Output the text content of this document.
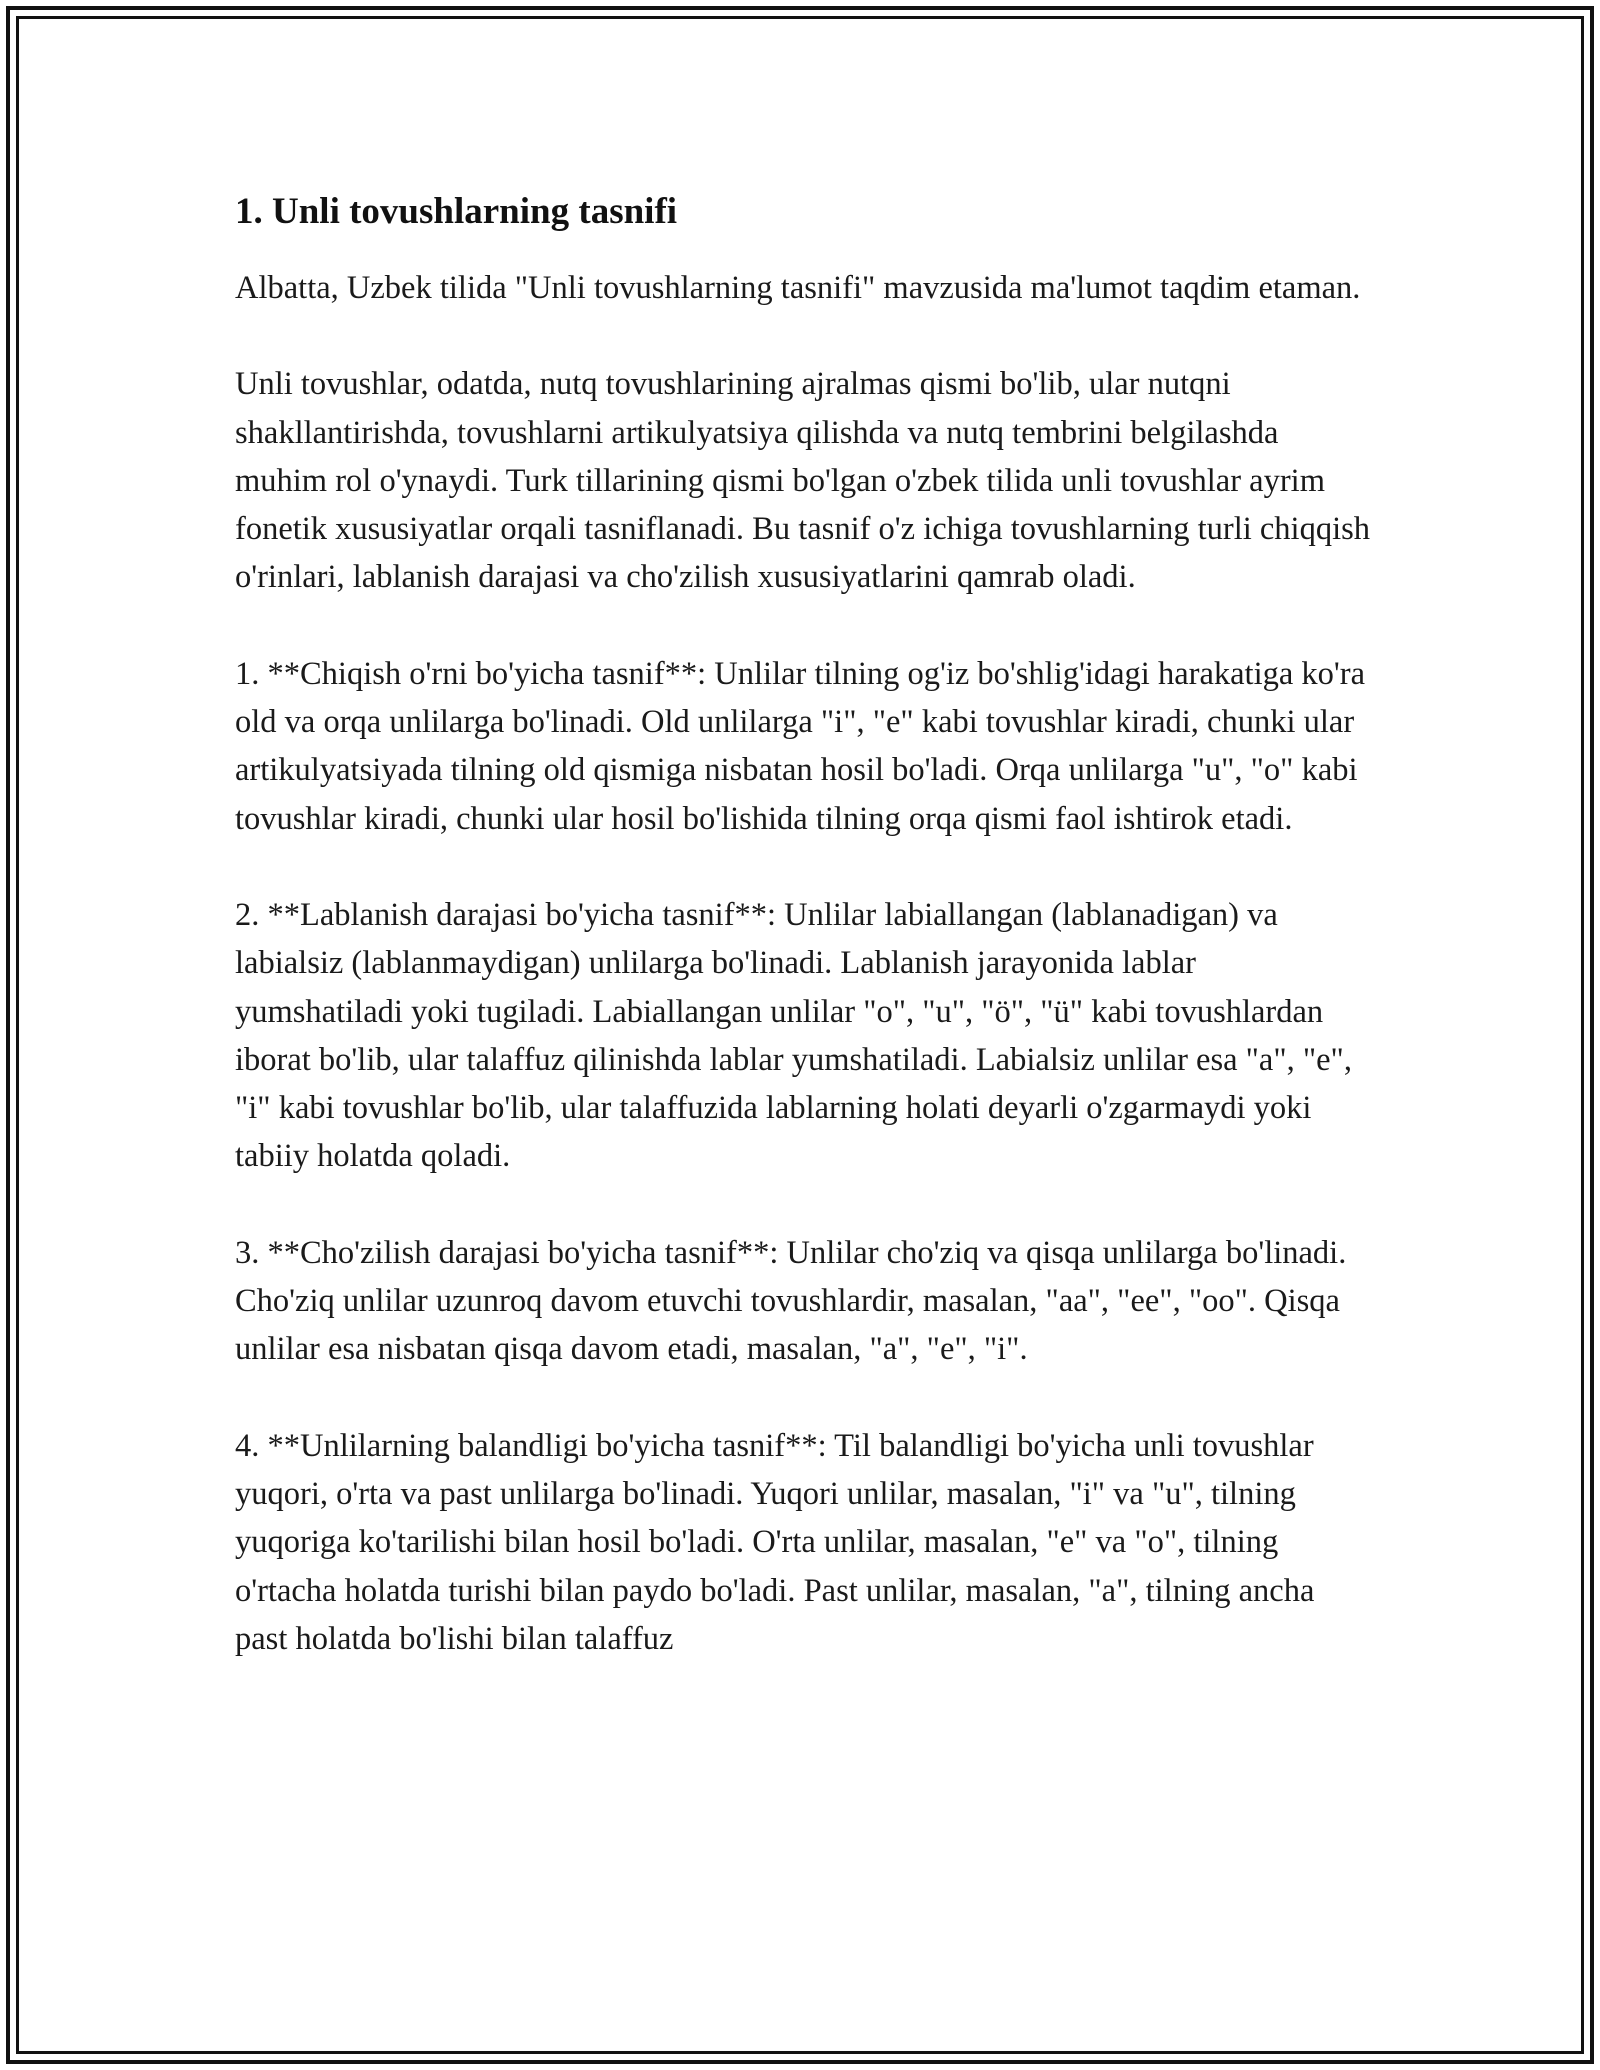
1. Unli tovushlarning tasnifi

Albatta, Uzbek tilida "Unli tovushlarning tasnifi" mavzusida ma'lumot taqdim etaman.

Unli tovushlar, odatda, nutq tovushlarining ajralmas qismi bo'lib, ular nutqni shakllantirishda, tovushlarni artikulyatsiya qilishda va nutq tembrini belgilashda muhim rol o'ynaydi. Turk tillarining qismi bo'lgan o'zbek tilida unli tovushlar ayrim fonetik xususiyatlar orqali tasniflanadi. Bu tasnif o'z ichiga tovushlarning turli chiqqish o'rinlari, lablanish darajasi va cho'zilish xususiyatlarini qamrab oladi.

1. **Chiqish o'rni bo'yicha tasnif**: Unlilar tilning og'iz bo'shlig'idagi harakatiga ko'ra old va orqa unlilarga bo'linadi. Old unlilarga "i", "e" kabi tovushlar kiradi, chunki ular artikulyatsiyada tilning old qismiga nisbatan hosil bo'ladi. Orqa unlilarga "u", "o" kabi tovushlar kiradi, chunki ular hosil bo'lishida tilning orqa qismi faol ishtirok etadi.

2. **Lablanish darajasi bo'yicha tasnif**: Unlilar labiallangan (lablanadigan) va labialsiz (lablanmaydigan) unlilarga bo'linadi. Lablanish jarayonida lablar yumshatiladi yoki tugiladi. Labiallangan unlilar "o", "u", "ö", "ü" kabi tovushlardan iborat bo'lib, ular talaffuz qilinishda lablar yumshatiladi. Labialsiz unlilar esa "a", "e", "i" kabi tovushlar bo'lib, ular talaffuzida lablarning holati deyarli o'zgarmaydi yoki tabiiy holatda qoladi.

3. **Cho'zilish darajasi bo'yicha tasnif**: Unlilar cho'ziq va qisqa unlilarga bo'linadi. Cho'ziq unlilar uzunroq davom etuvchi tovushlardir, masalan, "aa", "ee", "oo". Qisqa unlilar esa nisbatan qisqa davom etadi, masalan, "a", "e", "i".

4. **Unlilarning balandligi bo'yicha tasnif**: Til balandligi bo'yicha unli tovushlar yuqori, o'rta va past unlilarga bo'linadi. Yuqori unlilar, masalan, "i" va "u", tilning yuqoriga ko'tarilishi bilan hosil bo'ladi. O'rta unlilar, masalan, "e" va "o", tilning o'rtacha holatda turishi bilan paydo bo'ladi. Past unlilar, masalan, "a", tilning ancha past holatda bo'lishi bilan talaffuz
